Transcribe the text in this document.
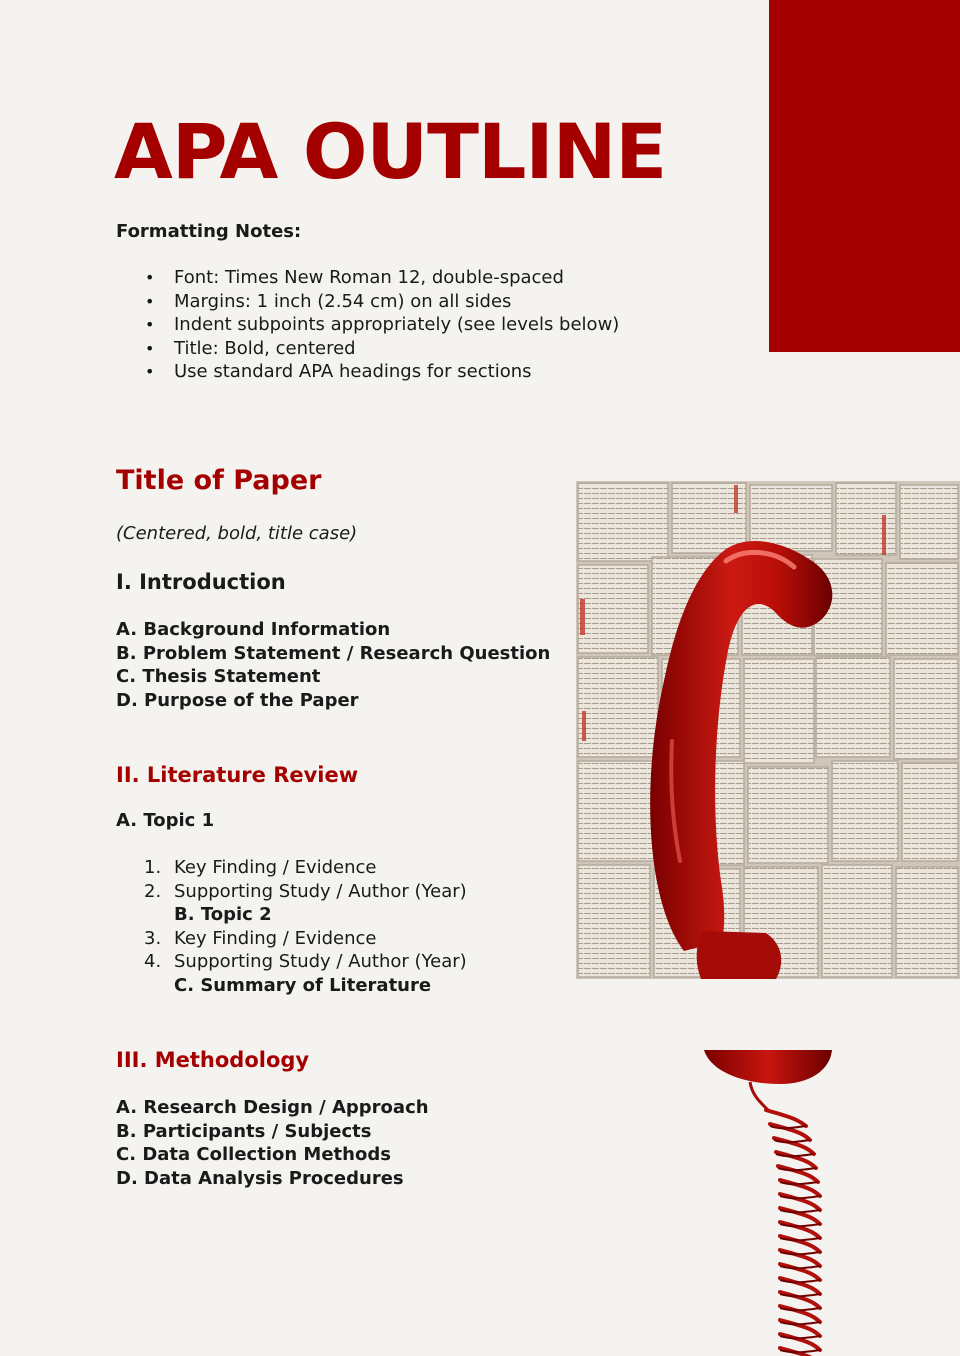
APA OUTLINE
Formatting Notes:
• Font: Times New Roman 12, double-spaced
• Margins: 1 inch (2.54 cm) on all sides
• Indent subpoints appropriately (see levels below)
• Title: Bold, centered
• Use standard APA headings for sections
Title of Paper
(Centered, bold, title case)
I. Introduction
A. Background Information
B. Problem Statement / Research Question
C. Thesis Statement
D. Purpose of the Paper
II. Literature Review
A. Topic 1
1. Key Finding / Evidence
2. Supporting Study / Author (Year)
B. Topic 2
3. Key Finding / Evidence
4. Supporting Study / Author (Year)
C. Summary of Literature
III. Methodology
A. Research Design / Approach
B. Participants / Subjects
C. Data Collection Methods
D. Data Analysis Procedures
